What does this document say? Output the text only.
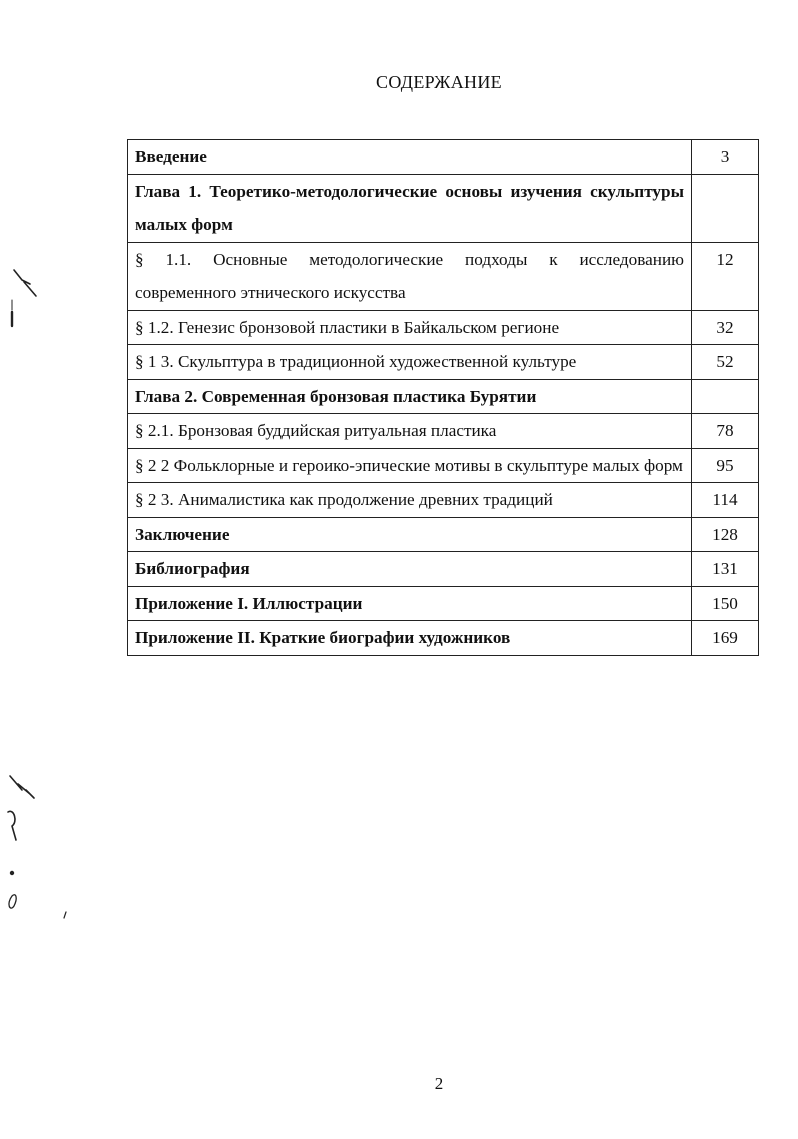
СОДЕРЖАНИЕ
Введение	3
Глава 1. Теоретико-методологические основы изучения скульптуры малых форм	
§ 1.1. Основные методологические подходы к исследованию современного этнического искусства	12
§ 1.2. Генезис бронзовой пластики в Байкальском регионе	32
§ 1 3. Скульптура в традиционной художественной культуре	52
Глава 2. Современная бронзовая пластика Бурятии	
§ 2.1. Бронзовая буддийская ритуальная пластика	78
§ 2 2 Фольклорные и героико-эпические мотивы в скульптуре малых форм	95
§ 2 3. Анималистика как продолжение древних традиций	114
Заключение	128
Библиография	131
Приложение I. Иллюстрации	150
Приложение II. Краткие биографии художников	169
2
